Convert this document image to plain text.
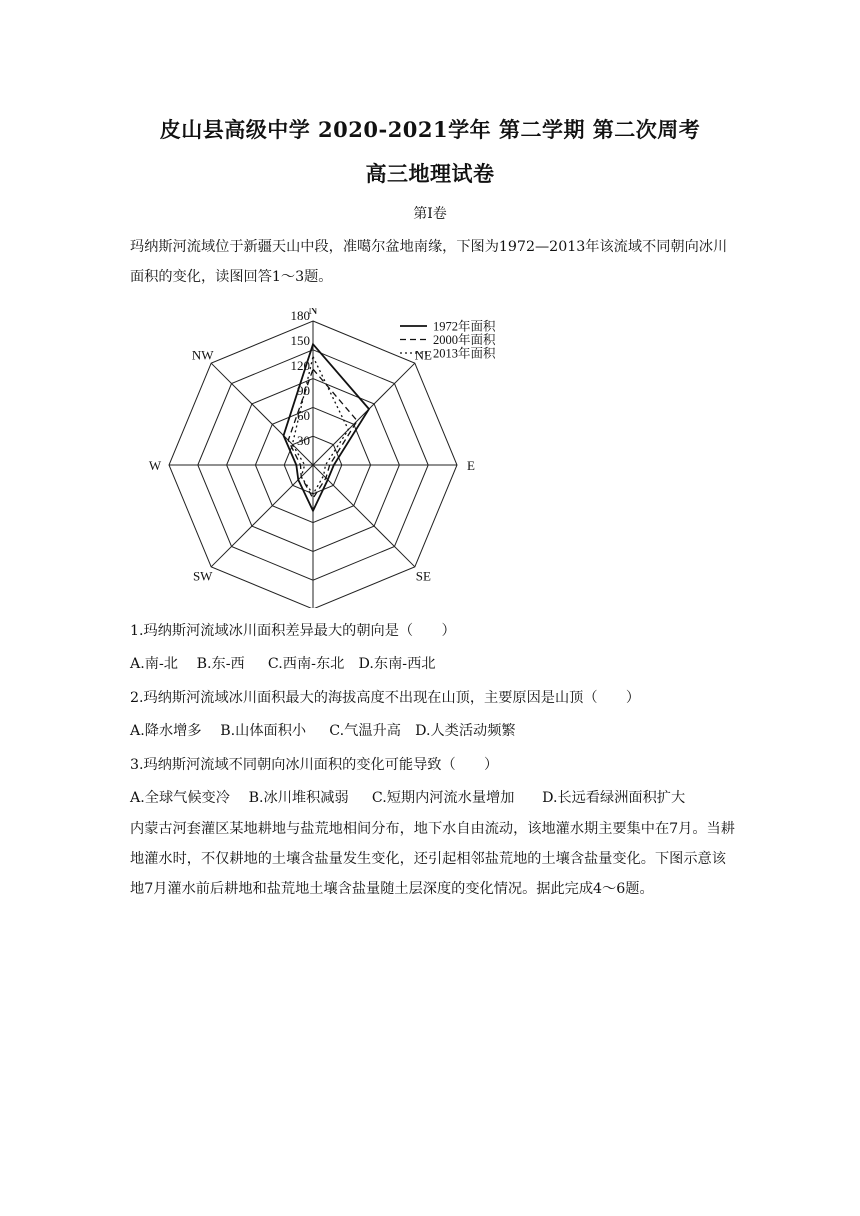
皮山县高级中学 2020-2021学年 第二学期 第二次周考
高三地理试卷
第Ⅰ卷
玛纳斯河流域位于新疆天山中段，准噶尔盆地南缘，下图为1972—2013年该流域不同朝向冰川面积的变化，读图回答1～3题。
30
60
90
120
150
180
N
NE
E
SE
SW
W
NW
1972年面积
2000年面积
2013年面积
1.玛纳斯河流域冰川面积差异最大的朝向是（　　）
A.南-北　 B.东-西　  C.西南-东北　D.东南-西北
2.玛纳斯河流域冰川面积最大的海拔高度不出现在山顶，主要原因是山顶（　　）
A.降水增多　 B.山体面积小　  C.气温升高　D.人类活动频繁
3.玛纳斯河流域不同朝向冰川面积的变化可能导致（　　）
A.全球气候变冷　 B.冰川堆积减弱　  C.短期内河流水量增加　   D.长远看绿洲面积扩大
内蒙古河套灌区某地耕地与盐荒地相间分布，地下水自由流动，该地灌水期主要集中在7月。当耕地灌水时，不仅耕地的土壤含盐量发生变化，还引起相邻盐荒地的土壤含盐量变化。下图示意该地7月灌水前后耕地和盐荒地土壤含盐量随土层深度的变化情况。据此完成4～6题。
